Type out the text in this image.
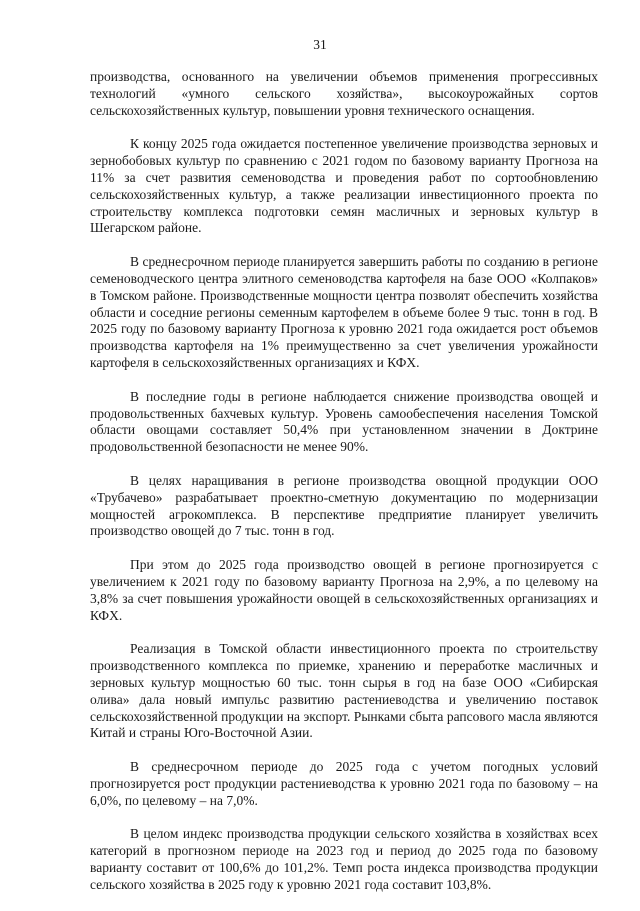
31

производства, основанного на увеличении объемов применения прогрессивных технологий «умного сельского хозяйства», высокоурожайных сортов сельскохозяйственных культур, повышении уровня технического оснащения.

К концу 2025 года ожидается постепенное увеличение производства зерновых и зернобобовых культур по сравнению с 2021 годом по базовому варианту Прогноза на 11% за счет развития семеноводства и проведения работ по сортообновлению сельскохозяйственных культур, а также реализации инвестиционного проекта по строительству комплекса подготовки семян масличных и зерновых культур в Шегарском районе.

В среднесрочном периоде планируется завершить работы по созданию в регионе семеноводческого центра элитного семеноводства картофеля на базе ООО «Колпаков» в Томском районе. Производственные мощности центра позволят обеспечить хозяйства области и соседние регионы семенным картофелем в объеме более 9 тыс. тонн в год. В 2025 году по базовому варианту Прогноза к уровню 2021 года ожидается рост объемов производства картофеля на 1% преимущественно за счет увеличения урожайности картофеля в сельскохозяйственных организациях и КФХ.

В последние годы в регионе наблюдается снижение производства овощей и продовольственных бахчевых культур. Уровень самообеспечения населения Томской области овощами составляет 50,4% при установленном значении в Доктрине продовольственной безопасности не менее 90%.

В целях наращивания в регионе производства овощной продукции ООО «Трубачево» разрабатывает проектно-сметную документацию по модернизации мощностей агрокомплекса. В перспективе предприятие планирует увеличить производство овощей до 7 тыс. тонн в год.

При этом до 2025 года производство овощей в регионе прогнозируется с увеличением к 2021 году по базовому варианту Прогноза на 2,9%, а по целевому на 3,8% за счет повышения урожайности овощей в сельскохозяйственных организациях и КФХ.

Реализация в Томской области инвестиционного проекта по строительству производственного комплекса по приемке, хранению и переработке масличных и зерновых культур мощностью 60 тыс. тонн сырья в год на базе ООО «Сибирская олива» дала новый импульс развитию растениеводства и увеличению поставок сельскохозяйственной продукции на экспорт. Рынками сбыта рапсового масла являются Китай и страны Юго-Восточной Азии.

В среднесрочном периоде до 2025 года с учетом погодных условий прогнозируется рост продукции растениеводства к уровню 2021 года по базовому – на 6,0%, по целевому – на 7,0%.

В целом индекс производства продукции сельского хозяйства в хозяйствах всех категорий в прогнозном периоде на 2023 год и период до 2025 года по базовому варианту составит от 100,6% до 101,2%. Темп роста индекса производства продукции сельского хозяйства в 2025 году к уровню 2021 года составит 103,8%.
